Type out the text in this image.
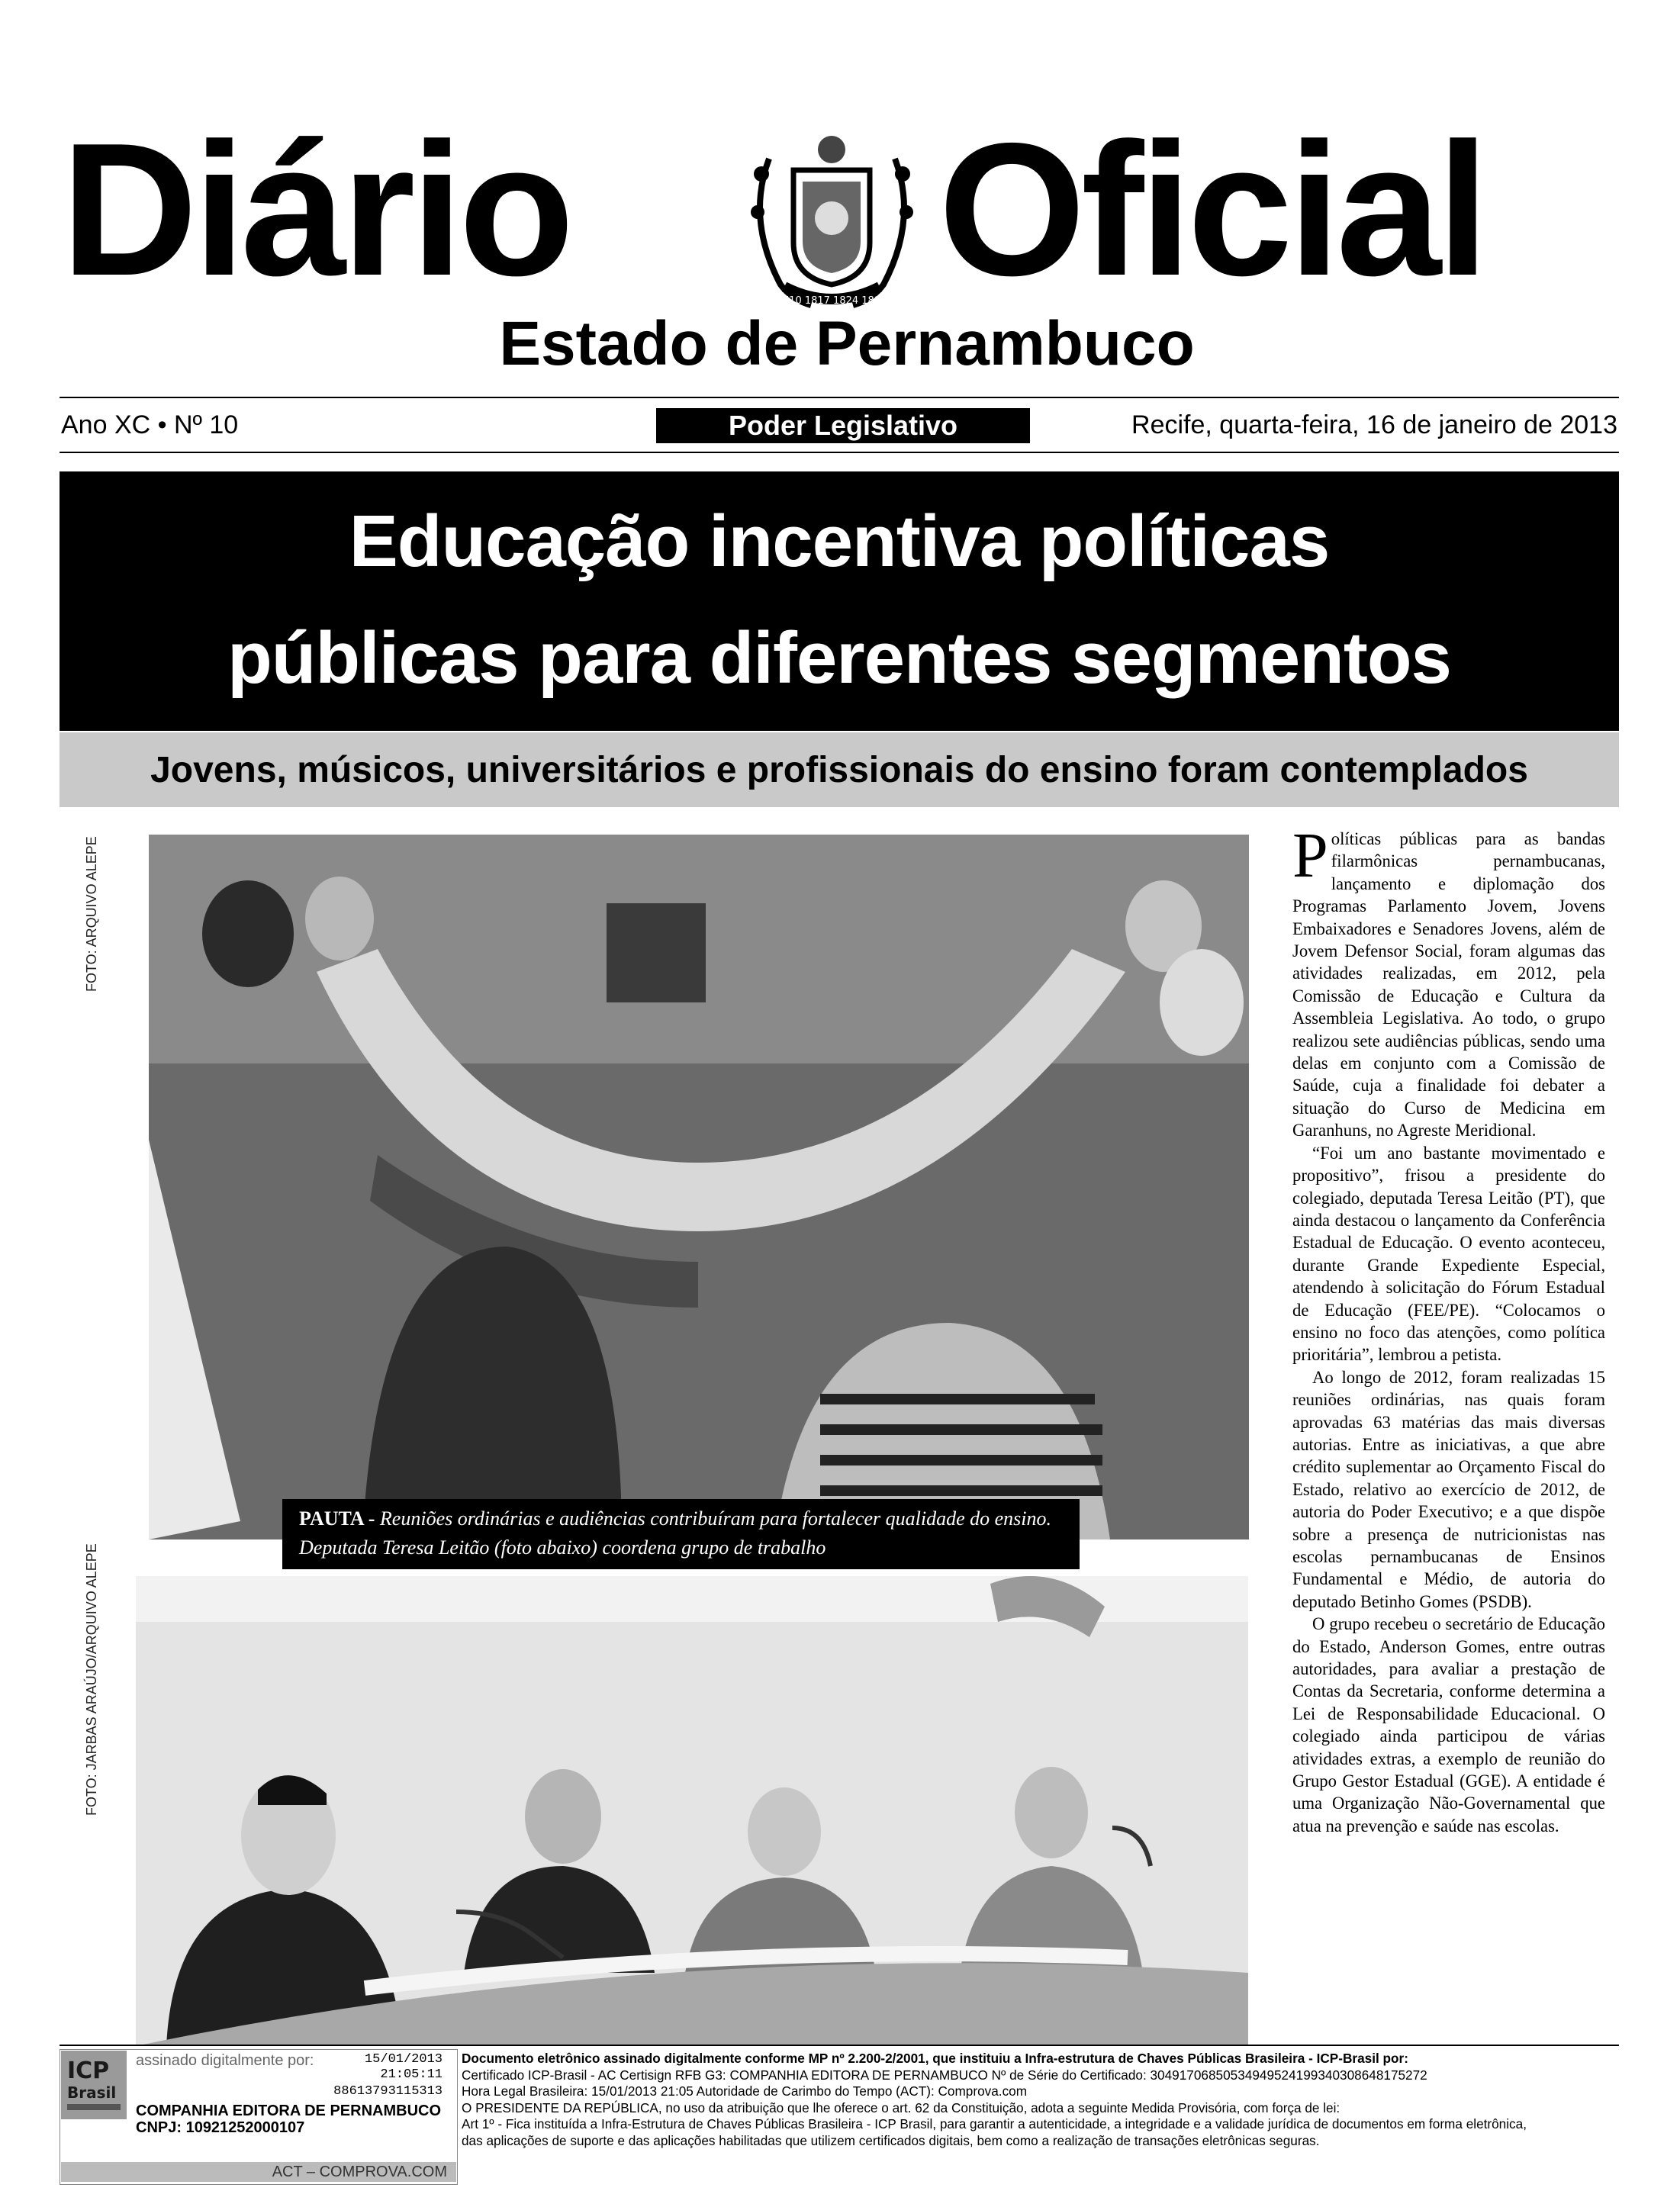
Diário	1710 1817 1824 1889 Oficial
Estado de Pernambuco
Ano XC • Nº 10	Poder Legislativo	Recife, quarta-feira, 16 de janeiro de 2013
Educação incentiva políticas
públicas para diferentes segmentos
Jovens, músicos, universitários e profissionais do ensino foram contemplados
FOTO: ARQUIVO ALEPE
PAUTA - Reuniões ordinárias e audiências contribuíram para fortalecer qualidade do ensino. Deputada Teresa Leitão (foto abaixo) coordena grupo de trabalho
FOTO: JARBAS ARAÚJO/ARQUIVO ALEPE

Políticas públicas para as bandas filarmônicas pernambucanas, lançamento e diplomação dos Programas Parlamento Jovem, Jovens Embaixadores e Senadores Jovens, além de Jovem Defensor Social, foram algumas das atividades realizadas, em 2012, pela Comissão de Educação e Cultura da Assembleia Legislativa. Ao todo, o grupo realizou sete audiências públicas, sendo uma delas em conjunto com a Comissão de Saúde, cuja a finalidade foi debater a situação do Curso de Medicina em Garanhuns, no Agreste Meridional.

“Foi um ano bastante movimentado e propositivo”, frisou a presidente do colegiado, deputada Teresa Leitão (PT), que ainda destacou o lançamento da Conferência Estadual de Educação. O evento aconteceu, durante Grande Expediente Especial, atendendo à solicitação do Fórum Estadual de Educação (FEE/PE). “Colocamos o ensino no foco das atenções, como política prioritária”, lembrou a petista.

Ao longo de 2012, foram realizadas 15 reuniões ordinárias, nas quais foram aprovadas 63 matérias das mais diversas autorias. Entre as iniciativas, a que abre crédito suplementar ao Orçamento Fiscal do Estado, relativo ao exercício de 2012, de autoria do Poder Executivo; e a que dispõe sobre a presença de nutricionistas nas escolas pernambucanas de Ensinos Fundamental e Médio, de autoria do deputado Betinho Gomes (PSDB).

O grupo recebeu o secretário de Educação do Estado, Anderson Gomes, entre outras autoridades, para avaliar a prestação de Contas da Secretaria, conforme determina a Lei de Responsabilidade Educacional. O colegiado ainda participou de várias atividades extras, a exemplo de reunião do Grupo Gestor Estadual (GGE). A entidade é uma Organização Não-Governamental que atua na prevenção e saúde nas escolas.

ICP
Brasil
assinado digitalmente por:	15/01/2013
21:05:11
88613793115313
COMPANHIA EDITORA DE PERNAMBUCO
CNPJ: 10921252000107
ACT – COMPROVA.COM
Documento eletrônico assinado digitalmente conforme MP nº 2.200-2/2001, que instituiu a Infra-estrutura de Chaves Públicas Brasileira - ICP-Brasil por:
Certificado ICP-Brasil - AC Certisign RFB G3: COMPANHIA EDITORA DE PERNAMBUCO Nº de Série do Certificado: 304917068505349495241993403086481752​72
Hora Legal Brasileira: 15/01/2013 21:05 Autoridade de Carimbo do Tempo (ACT): Comprova.com
O PRESIDENTE DA REPÚBLICA, no uso da atribuição que lhe oferece o art. 62 da Constituição, adota a seguinte Medida Provisória, com força de lei:
Art 1º - Fica instituída a Infra-Estrutura de Chaves Públicas Brasileira - ICP Brasil, para garantir a autenticidade, a integridade e a validade jurídica de documentos em forma eletrônica,
das aplicações de suporte e das aplicações habilitadas que utilizem certificados digitais, bem como a realização de transações eletrônicas seguras.
